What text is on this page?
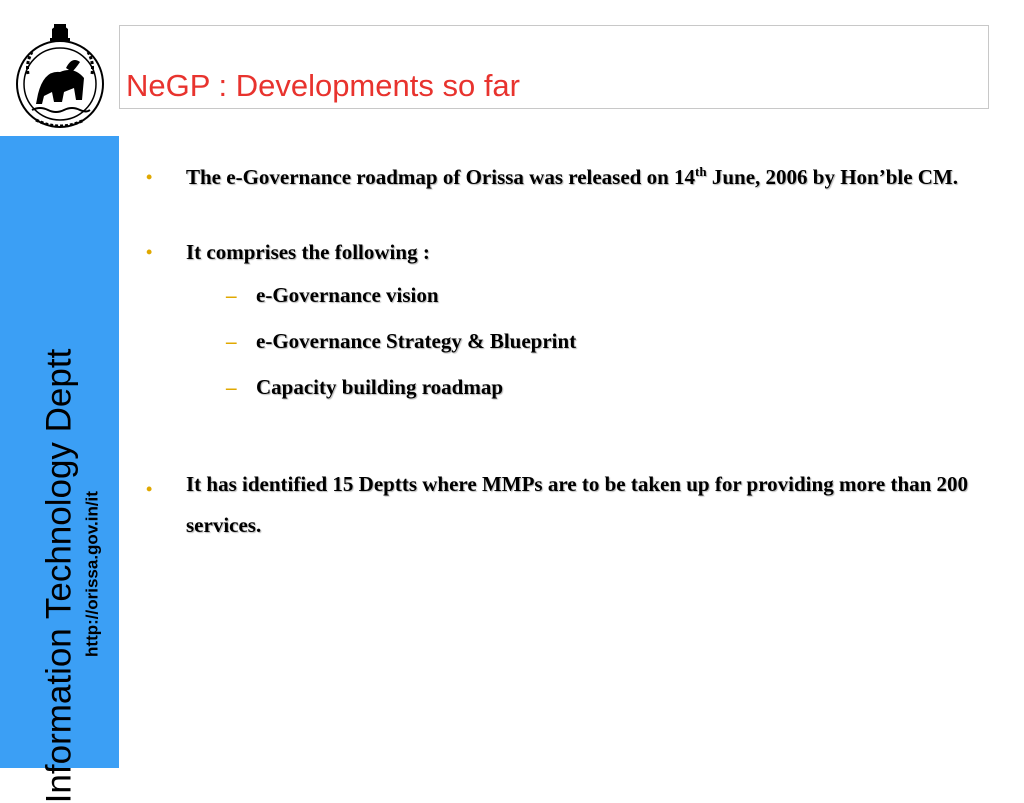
NeGP : Developments so far
Information Technology Deptt http://orissa.gov.in/it
• The e-Governance roadmap of Orissa was released on 14th June, 2006 by Hon’ble CM.
• It comprises the following :
– e-Governance vision
– e-Governance Strategy & Blueprint
– Capacity building roadmap
• It has identified 15 Deptts where MMPs are to be taken up for providing more than 200 services.
